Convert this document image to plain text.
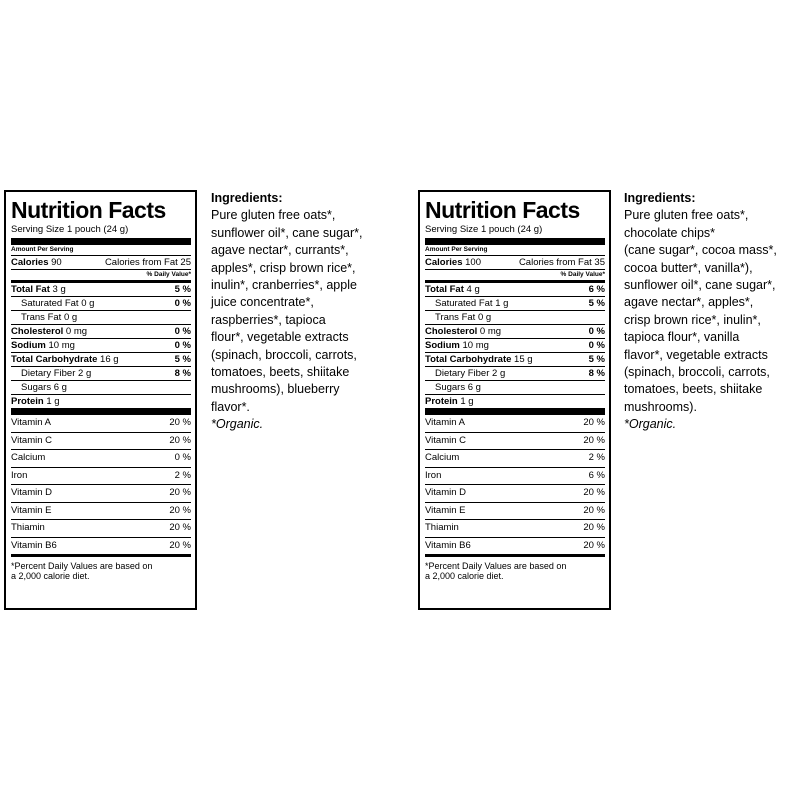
Nutrition Facts
Serving Size 1 pouch (24 g)
Amount Per Serving
Calories 90	Calories from Fat 25
% Daily Value*
Total Fat 3 g	5 %
Saturated Fat 0 g	0 %
Trans Fat 0 g
Cholesterol 0 mg	0 %
Sodium 10 mg	0 %
Total Carbohydrate 16 g	5 %
Dietary Fiber 2 g	8 %
Sugars 6 g
Protein 1 g
Vitamin A	20 %
Vitamin C	20 %
Calcium	0 %
Iron	2 %
Vitamin D	20 %
Vitamin E	20 %
Thiamin	20 %
Vitamin B6	20 %
*Percent Daily Values are based on
a 2,000 calorie diet.
Ingredients:
Pure gluten free oats*,
sunflower oil*, cane sugar*,
agave nectar*, currants*,
apples*, crisp brown rice*,
inulin*, cranberries*, apple
juice concentrate*,
raspberries*, tapioca
flour*, vegetable extracts
(spinach, broccoli, carrots,
tomatoes, beets, shiitake
mushrooms), blueberry
flavor*.
*Organic.
Nutrition Facts
Serving Size 1 pouch (24 g)
Amount Per Serving
Calories 100	Calories from Fat 35
% Daily Value*
Total Fat 4 g	6 %
Saturated Fat 1 g	5 %
Trans Fat 0 g
Cholesterol 0 mg	0 %
Sodium 10 mg	0 %
Total Carbohydrate 15 g	5 %
Dietary Fiber 2 g	8 %
Sugars 6 g
Protein 1 g
Vitamin A	20 %
Vitamin C	20 %
Calcium	2 %
Iron	6 %
Vitamin D	20 %
Vitamin E	20 %
Thiamin	20 %
Vitamin B6	20 %
*Percent Daily Values are based on
a 2,000 calorie diet.
Ingredients:
Pure gluten free oats*,
chocolate chips*
(cane sugar*, cocoa mass*,
cocoa butter*, vanilla*),
sunflower oil*, cane sugar*,
agave nectar*, apples*,
crisp brown rice*, inulin*,
tapioca flour*, vanilla
flavor*, vegetable extracts
(spinach, broccoli, carrots,
tomatoes, beets, shiitake
mushrooms).
*Organic.
